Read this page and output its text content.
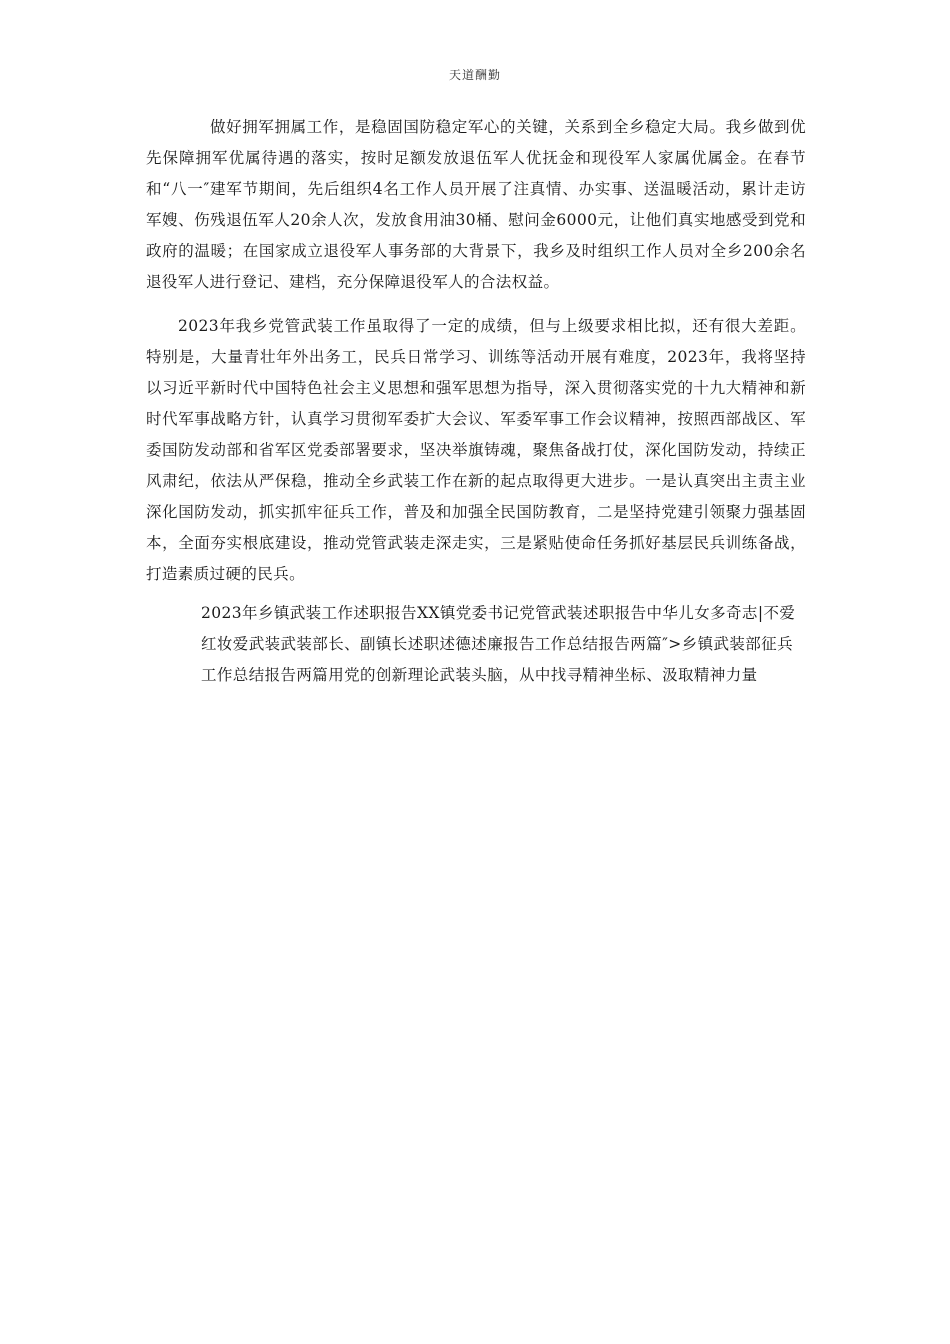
天道酬勤

做好拥军拥属工作，是稳固国防稳定军心的关键，关系到全乡稳定大局。我乡做到优先保障拥军优属待遇的落实，按时足额发放退伍军人优抚金和现役军人家属优属金。在春节和“八一″建军节期间，先后组织4名工作人员开展了注真情、办实事、送温暖活动，累计走访军嫂、伤残退伍军人20余人次，发放食用油30桶、慰问金6000元，让他们真实地感受到党和政府的温暖；在国家成立退役军人事务部的大背景下，我乡及时组织工作人员对全乡200余名退役军人进行登记、建档，充分保障退役军人的合法权益。

2023年我乡党管武装工作虽取得了一定的成绩，但与上级要求相比拟，还有很大差距。特别是，大量青壮年外出务工，民兵日常学习、训练等活动开展有难度，2023年，我将坚持以习近平新时代中国特色社会主义思想和强军思想为指导，深入贯彻落实党的十九大精神和新时代军事战略方针，认真学习贯彻军委扩大会议、军委军事工作会议精神，按照西部战区、军委国防发动部和省军区党委部署要求，坚决举旗铸魂，聚焦备战打仗，深化国防发动，持续正风肃纪，依法从严保稳，推动全乡武装工作在新的起点取得更大进步。一是认真突出主责主业深化国防发动，抓实抓牢征兵工作，普及和加强全民国防教育，二是坚持党建引领聚力强基固本，全面夯实根底建设，推动党管武装走深走实，三是紧贴使命任务抓好基层民兵训练备战，打造素质过硬的民兵。

2023年乡镇武装工作述职报告XX镇党委书记党管武装述职报告中华儿女多奇志|不爱红妆爱武装武装部长、副镇长述职述德述廉报告工作总结报告两篇″>乡镇武装部征兵工作总结报告两篇用党的创新理论武装头脑，从中找寻精神坐标、汲取精神力量
